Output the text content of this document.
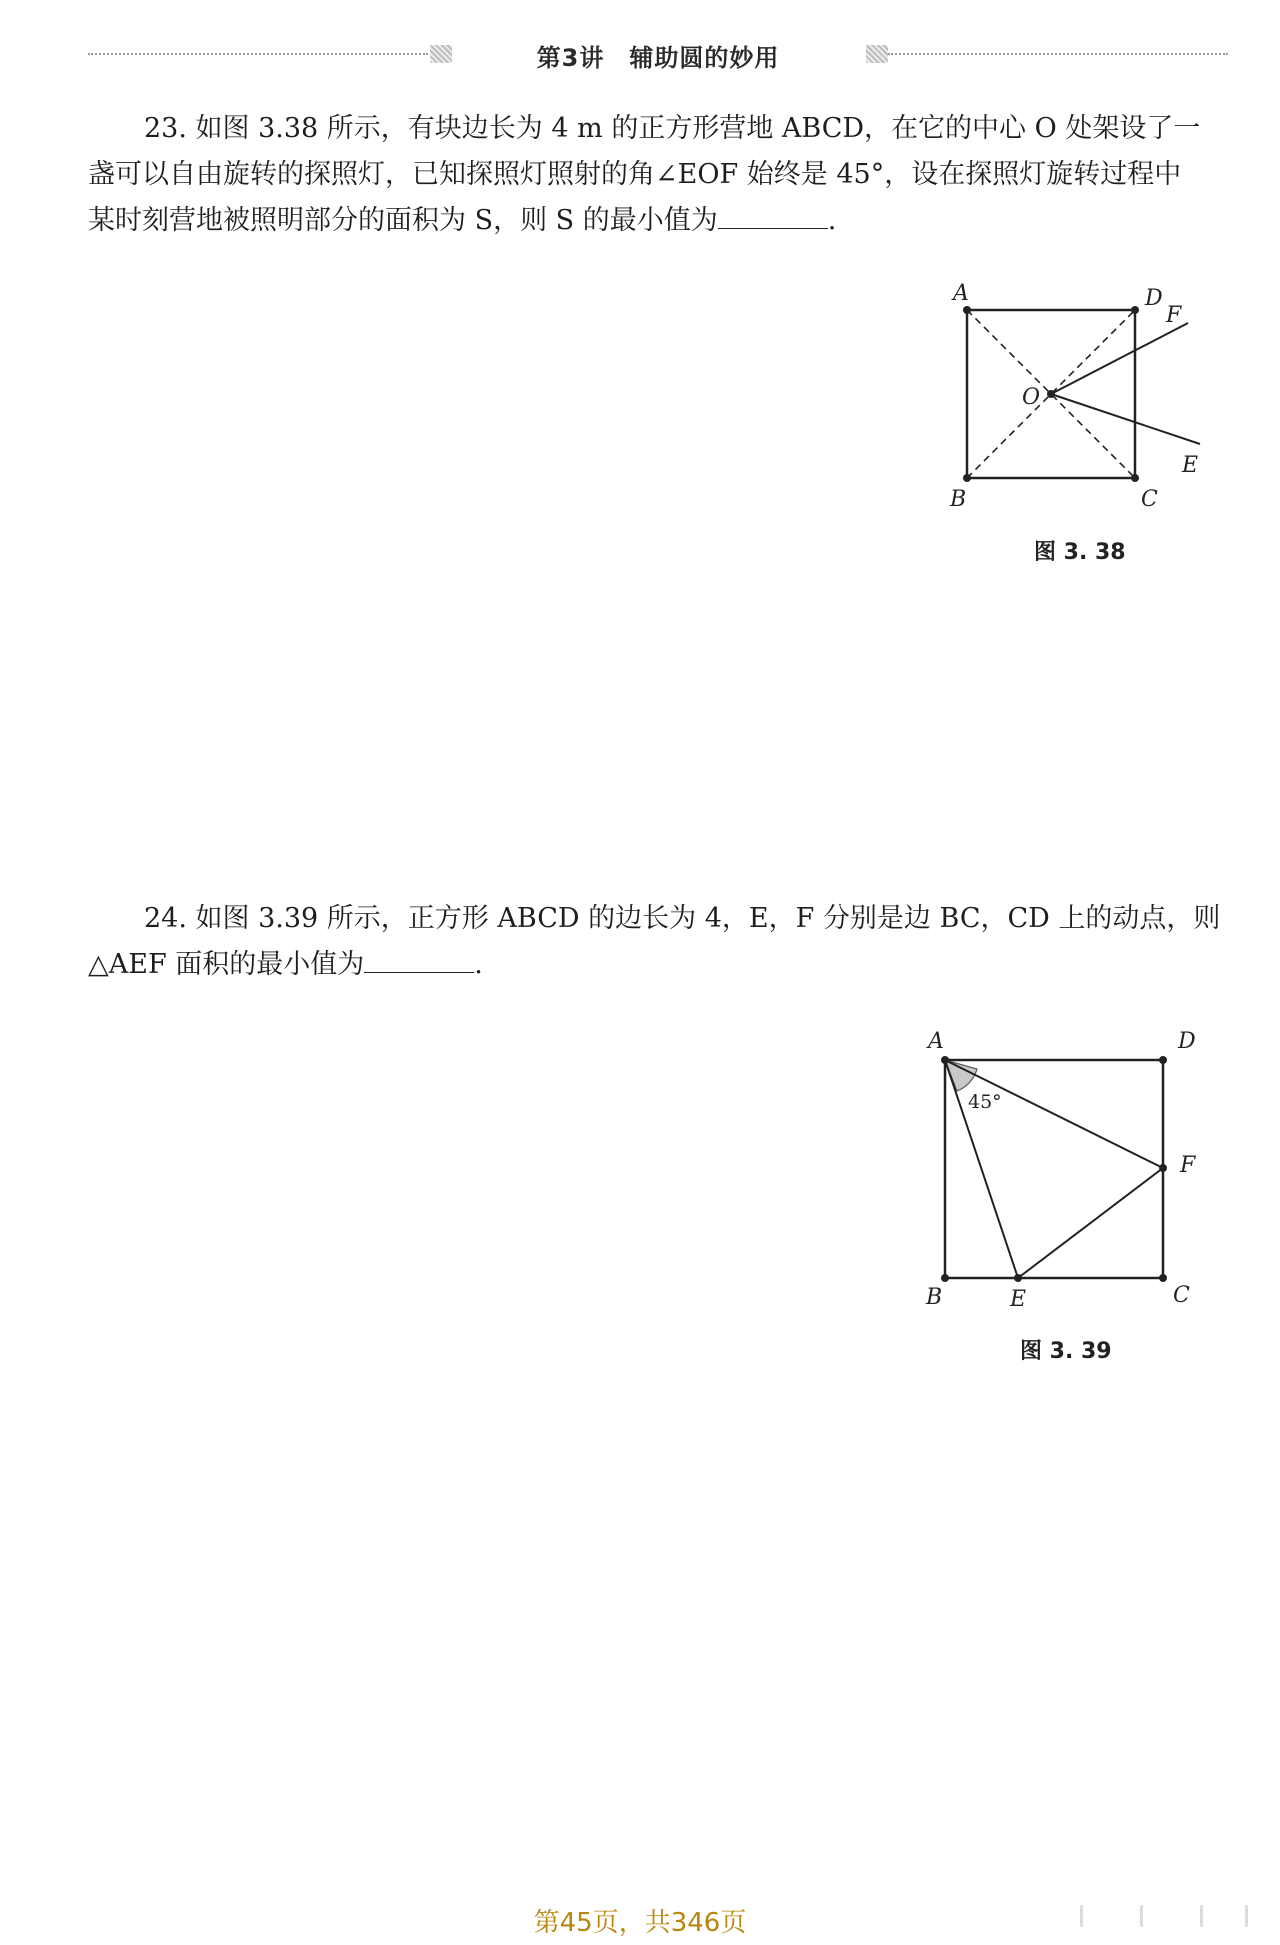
第3讲　辅助圆的妙用
23. 如图 3.38 所示，有块边长为 4 m 的正方形营地 ABCD，在它的中心 O 处架设了一
盏可以自由旋转的探照灯，已知探照灯照射的角∠EOF 始终是 45°，设在探照灯旋转过程中
某时刻营地被照明部分的面积为 S，则 S 的最小值为	.
A
B	C
D
F
E
O
图 3. 38
24. 如图 3.39 所示，正方形 ABCD 的边长为 4，E，F 分别是边 BC，CD 上的动点，则
△AEF 面积的最小值为	.
A
B	C
D
E
F
45°
图 3. 39
第45页，共346页
